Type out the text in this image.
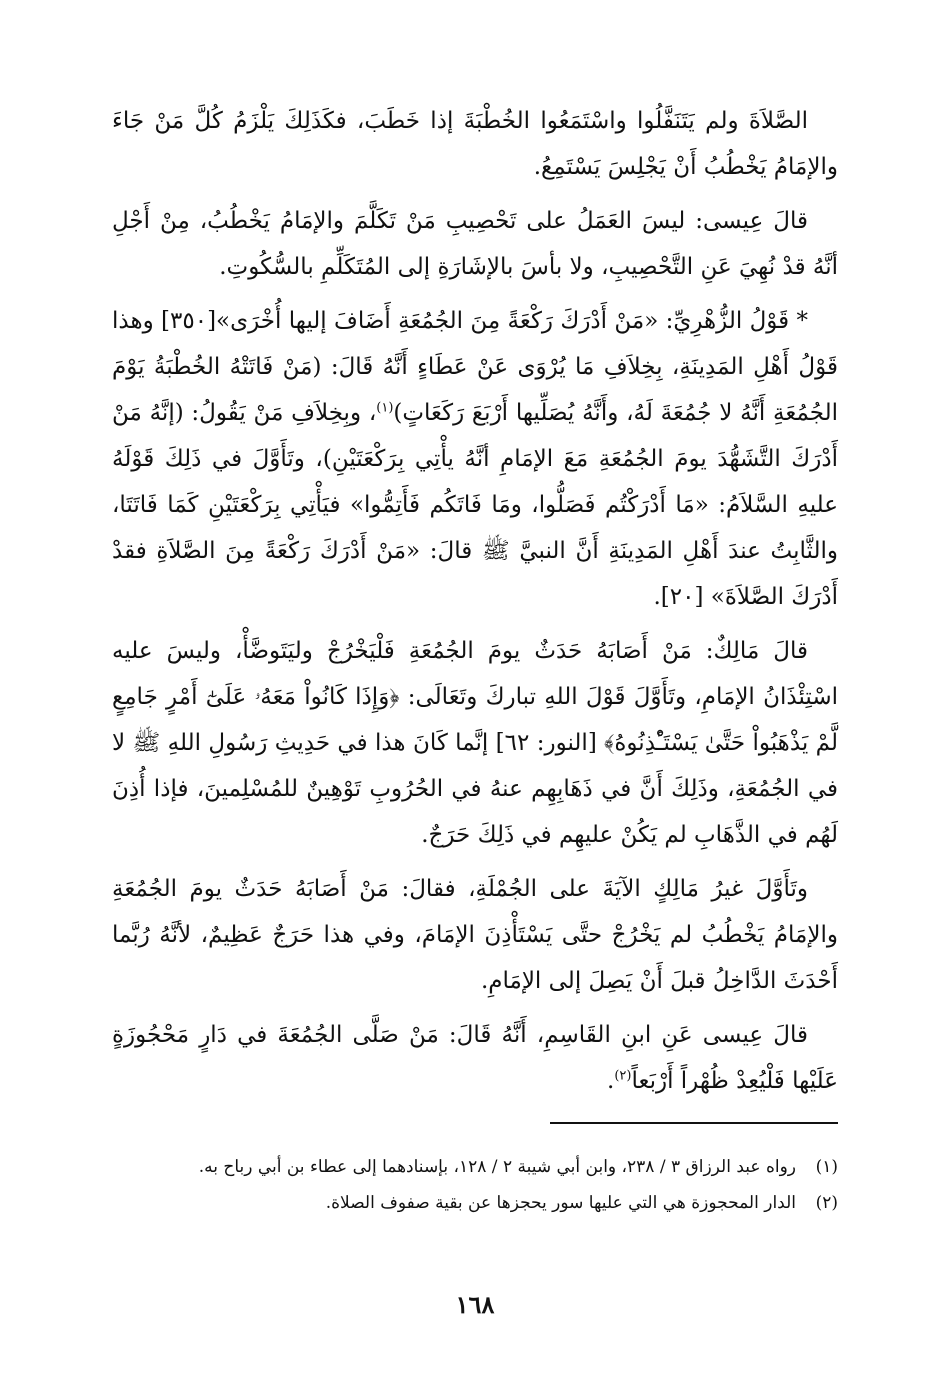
الصَّلاَةَ ولم يَتَنَفَّلُوا واسْتَمَعُوا الخُطْبَةَ إذا خَطَبَ، فكَذَلِكَ يَلْزَمُ كُلَّ مَنْ جَاءَ والإمَامُ يَخْطُبُ أَنْ يَجْلِسَ يَسْتَمِعُ.

قالَ عِيسى: ليسَ العَمَلُ على تَحْصِيبِ مَنْ تَكَلَّمَ والإمَامُ يَخْطُبُ، مِنْ أَجْلِ أنَّهُ قدْ نُهِيَ عَنِ التَّحْصِيبِ، ولا بأسَ بالإشَارَةِ إلى المُتَكَلِّمِ بالسُّكُوتِ.

* قَوْلُ الزُّهْرِيِّ: «مَنْ أَدْرَكَ رَكْعَةً مِنَ الجُمُعَةِ أَضَافَ إليها أُخْرَى»[٣٥٠] وهذا قَوْلُ أَهْلِ المَدِينَةِ، بِخِلاَفِ مَا يُرْوَى عَنْ عَطَاءٍ أَنَّهُ قَالَ: (مَنْ فَاتَتْهُ الخُطْبَةُ يَوْمَ الجُمُعَةِ أَنَّهُ لا جُمُعَةَ لَهُ، وأَنَّهُ يُصَلِّيها أَرْبَعَ رَكَعَاتٍ)$^{(١)}$، وبِخِلاَفِ مَنْ يَقُولُ: (إنَّهُ مَنْ أَدْرَكَ التَّشَهُّدَ يومَ الجُمُعَةِ مَعَ الإمَامِ أنَّهُ يأْتِي بِرَكْعَتَيْنِ)، وتَأَوَّلَ في ذَلِكَ قَوْلَهُ عليهِ السَّلاَمُ: «مَا أَدْرَكْتُم فَصَلُّوا، ومَا فَاتَكُم فَأَتِمُّوا» فيَأْتِي بِرَكْعَتَيْنِ كَمَا فَاتَتَا، والثَّابِتُ عندَ أَهْلِ المَدِينَةِ أَنَّ النبيَّ ﷺ قالَ: «مَنْ أَدْرَكَ رَكْعَةً مِنَ الصَّلاَةِ فقدْ أَدْرَكَ الصَّلاَةَ» [٢٠].

قالَ مَالِكٌ: مَنْ أَصَابَهُ حَدَثٌ يومَ الجُمُعَةِ فَلْيَخْرُجْ وليَتَوضَّأْ، وليسَ عليه اسْتِئْذَانُ الإمَامِ، وتَأَوَّلَ قَوْلَ اللهِ تباركَ وتَعَالَى: ﴿وَإِذَا كَانُواْ مَعَهُۥ عَلَىٰٓ أَمْرٍ جَامِعٍ لَّمْ يَذْهَبُواْ حَتَّىٰ يَسْتَـْٔذِنُوهُ﴾ [النور: ٦٢] إنَّما كَانَ هذا في حَدِيثِ رَسُولِ اللهِ ﷺ لا في الجُمُعَةِ، وذَلِكَ أَنَّ في ذَهَابِهِم عنهُ في الحُرُوبِ تَوْهِينٌ للمُسْلِمينَ، فإذا أُذِنَ لَهُم في الذَّهَابِ لم يَكُنْ عليهِم في ذَلِكَ حَرَجٌ.

وتَأَوَّلَ غيرُ مَالِكٍ الآيَةَ على الجُمْلَةِ، فقالَ: مَنْ أَصَابَهُ حَدَثٌ يومَ الجُمُعَةِ والإمَامُ يَخْطُبُ لم يَخْرُجْ حتَّى يَسْتَأْذِنَ الإمَامَ، وفي هذا حَرَجٌ عَظِيمٌ، لأنَّهُ رُبَّما أَحْدَثَ الدَّاخِلُ قبلَ أَنْ يَصِلَ إلى الإمَامِ.

قالَ عِيسى عَنِ ابنِ القَاسِمِ، أَنَّهُ قَالَ: مَنْ صَلَّى الجُمُعَةَ في دَارٍ مَحْجُوزَةٍ عَلَيْها فَلْيُعِدْ ظُهْراً أَرْبَعاً$^{(٢)}$.

(١)
رواه عبد الرزاق ٣ / ٢٣٨، وابن أبي شيبة ٢ / ١٢٨، بإسنادهما إلى عطاء بن أبي رباح به.
(٢)
الدار المحجوزة هي التي عليها سور يحجزها عن بقية صفوف الصلاة.
١٦٨
